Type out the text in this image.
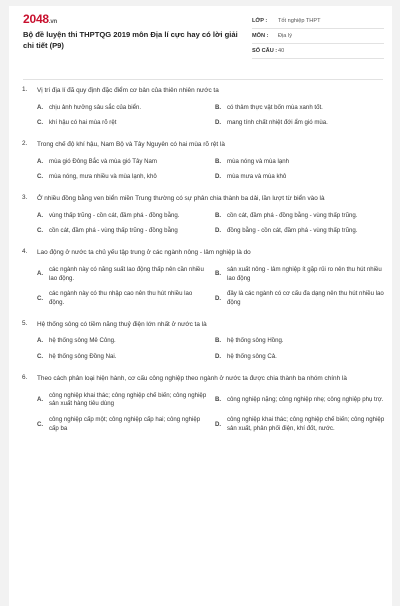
2048.vn
Bộ đề luyện thi THPTQG 2019 môn Địa lí cực hay có lời giải chi tiết (P9)
LỚP :	Tốt nghiệp THPT
MÔN :	Địa lý
SỐ CÂU : 40
1. Vị trí địa lí đã quy định đặc điểm cơ bản của thiên nhiên nước ta
A. chịu ảnh hưởng sâu sắc của biển.	B. có thảm thực vật bốn mùa xanh tốt.
C. khí hậu có hai mùa rõ rệt	D. mang tính chất nhiệt đới ẩm gió mùa.
2. Trong chế độ khí hậu, Nam Bộ và Tây Nguyên có hai mùa rõ rệt là
A. mùa gió Đông Bắc và mùa gió Tây Nam	B. mùa nóng và mùa lạnh
C. mùa nóng, mưa nhiều và mùa lạnh, khô	D. mùa mưa và mùa khô
3. Ở nhiều đồng bằng ven biển miền Trung thường có sự phân chia thành ba dải, lần lượt từ biển vào là
A. vùng thấp trũng - cồn cát, đầm phá - đồng bằng.	B. cồn cát, đầm phá - đồng bằng - vùng thấp trũng.
C. cồn cát, đầm phá - vùng thấp trũng - đồng bằng	D. đồng bằng - cồn cát, đầm phá - vùng thấp trũng.
4. Lao động ở nước ta chủ yếu tập trung ở các ngành nông - lâm nghiệp là do
A.
các ngành này có năng suất lao động thấp nên cần nhiều lao động.
B.
sản xuất nông - lâm nghiệp ít gặp rủi ro nên thu hút nhiều lao động
C.
các ngành này có thu nhập cao nên thu hút nhiều lao động.
D.
đây là các ngành có cơ cấu đa dạng nên thu hút nhiều lao động
5. Hệ thống sông có tiềm năng thuỷ điện lớn nhất ở nước ta là
A. hệ thống sông Mê Công.	B. hệ thống sông Hồng.
C. hệ thống sông Đồng Nai.	D. hệ thống sông Cả.
6. Theo cách phân loại hiện hành, cơ cấu công nghiệp theo ngành ở nước ta được chia thành ba nhóm chính là
A.
công nghiệp khai thác; công nghiệp chế biến; công nghiệp sản xuất hàng tiêu dùng
B. công nghiệp nặng; công nghiệp nhẹ; công nghiệp phụ trợ.
C.
công nghiệp cấp một; công nghiệp cấp hai; công nghiệp cấp ba
D.
công nghiệp khai thác; công nghiệp chế biến; công nghiệp sản xuất, phân phối điện, khí đốt, nước.
